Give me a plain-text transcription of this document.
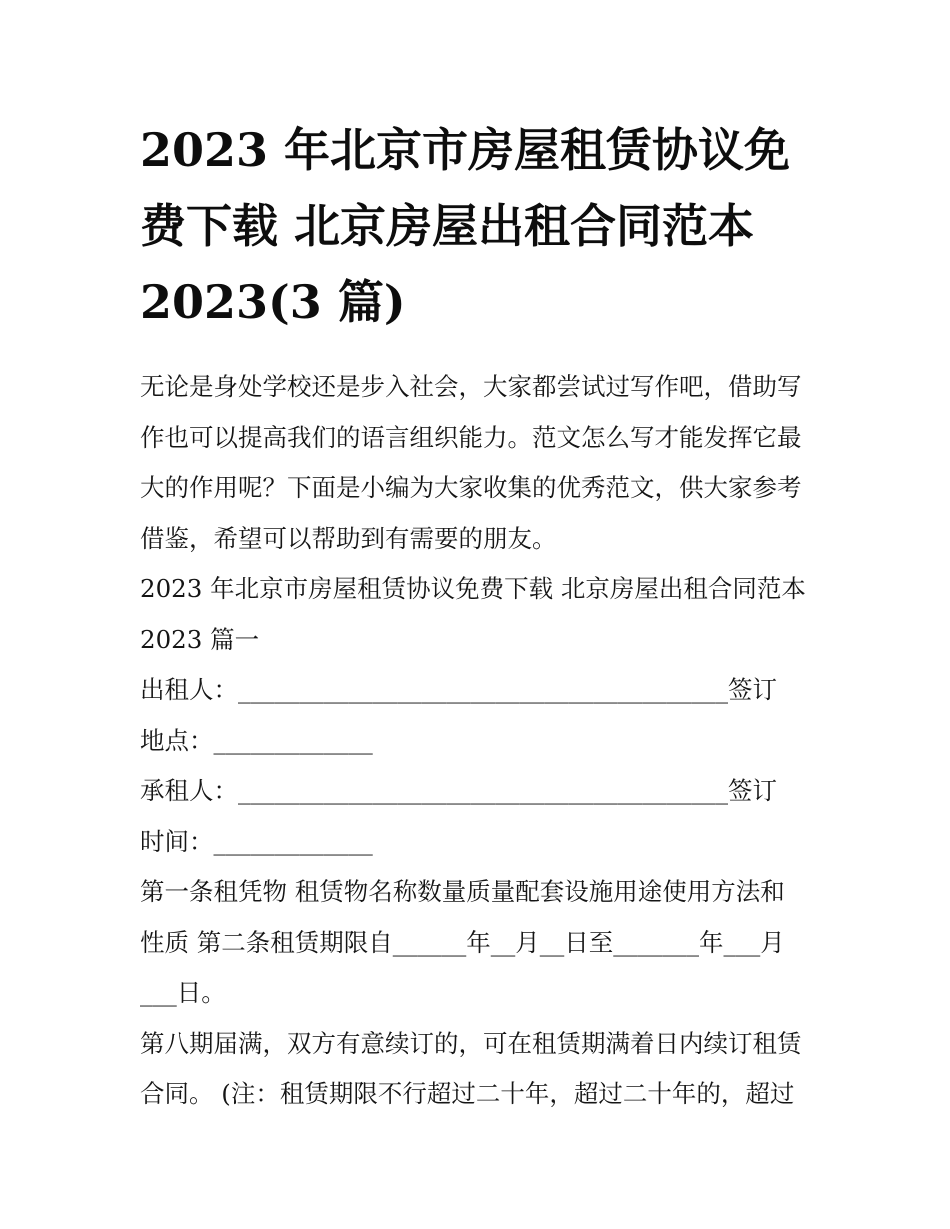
2023 年北京市房屋租赁协议免
费下载 北京房屋出租合同范本
2023(3 篇)

无论是身处学校还是步入社会，大家都尝试过写作吧，借助写
作也可以提高我们的语言组织能力。范文怎么写才能发挥它最
大的作用呢？下面是小编为大家收集的优秀范文，供大家参考
借鉴，希望可以帮助到有需要的朋友。

2023 年北京市房屋租赁协议免费下载 北京房屋出租合同范本
2023 篇一

出租人：________________________________________签订
地点：_____________
承租人：________________________________________签订
时间：_____________
第一条租凭物 租赁物名称数量质量配套设施用途使用方法和
性质 第二条租赁期限自______年__月__日至_______年___月
___日。
第八期届满，双方有意续订的，可在租赁期满着日内续订租赁
合同。 (注：租赁期限不行超过二十年，超过二十年的，超过
